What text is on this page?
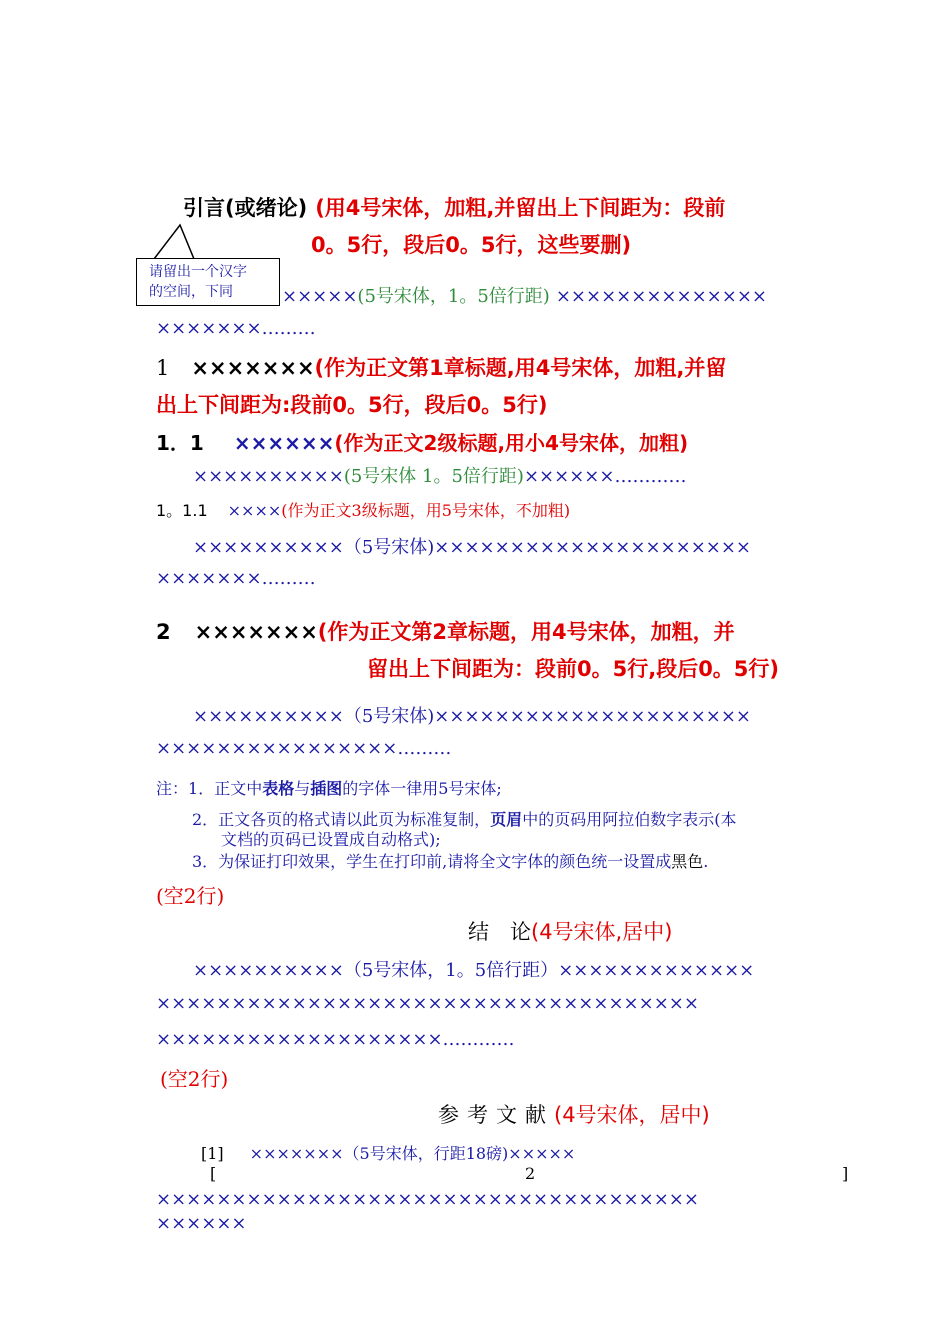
引言(或绪论) (用4号宋体，加粗,并留出上下间距为：段前
0。5行，段后0。5行，这些要删)
请留出一个汉字
的空间，下同	×××××(5号宋体，1。5倍行距) ××××××××××××××
×××××××………
1 ×××××××(作为正文第1章标题,用4号宋体，加粗,并留
出上下间距为:段前0。5行，段后0。5行)
1．1 ××××××(作为正文2级标题,用小4号宋体，加粗)
××××××××××(5号宋体 1。5倍行距)××××××…………
1。1.1 ××××(作为正文3级标题，用5号宋体，不加粗)
××××××××××（5号宋体)×××××××××××××××××××××
×××××××………
2 ×××××××(作为正文第2章标题，用4号宋体，加粗，并
留出上下间距为：段前0。5行,段后0。5行)
××××××××××（5号宋体)×××××××××××××××××××××
××××××××××××××××………
注：1．正文中表格与插图的字体一律用5号宋体;
2．正文各页的格式请以此页为标准复制，页眉中的页码用阿拉伯数字表示(本
文档的页码已设置成自动格式);
3．为保证打印效果，学生在打印前,请将全文字体的颜色统一设置成黑色.
(空2行)
结　论(4号宋体,居中)
××××××××××（5号宋体，1。5倍行距）×××××××××××××
××××××××××××××××××××××××××××××××××××
×××××××××××××××××××…………
(空2行)
参考文献(4号宋体，居中)
[1] ×××××××（5号宋体，行距18磅)×××××
[	2	]
××××××××××××××××××××××××××××××××××××
××××××
